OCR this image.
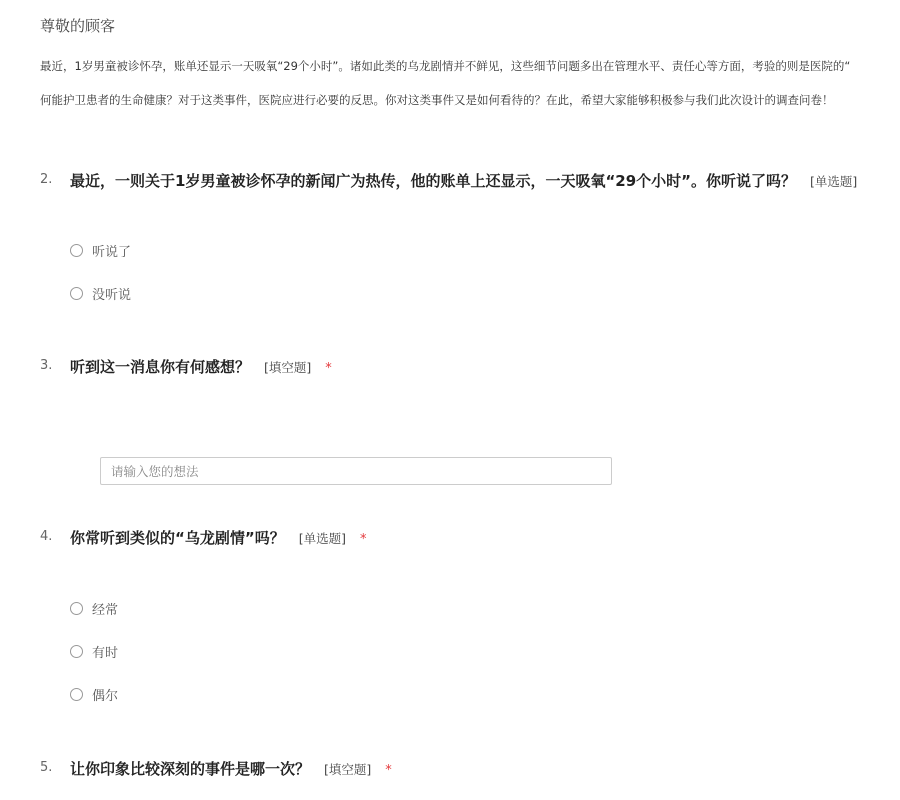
尊敬的顾客
最近，1岁男童被诊怀孕，账单还显示一天吸氧“29个小时”。诸如此类的乌龙剧情并不鲜见，这些细节问题多出在管理水平、责任心等方面，考验的则是医院的“
何能护卫患者的生命健康？对于这类事件，医院应进行必要的反思。你对这类事件又是如何看待的？在此，希望大家能够积极参与我们此次设计的调查问卷！
2. 最近，一则关于1岁男童被诊怀孕的新闻广为热传，他的账单上还显示，一天吸氧“29个小时”。你听说了吗？ [单选题]
听说了
没听说
3. 听到这一消息你有何感想？ [填空题] *
请输入您的想法
4. 你常听到类似的“乌龙剧情”吗？ [单选题] *
经常
有时
偶尔
5. 让你印象比较深刻的事件是哪一次？ [填空题] *
